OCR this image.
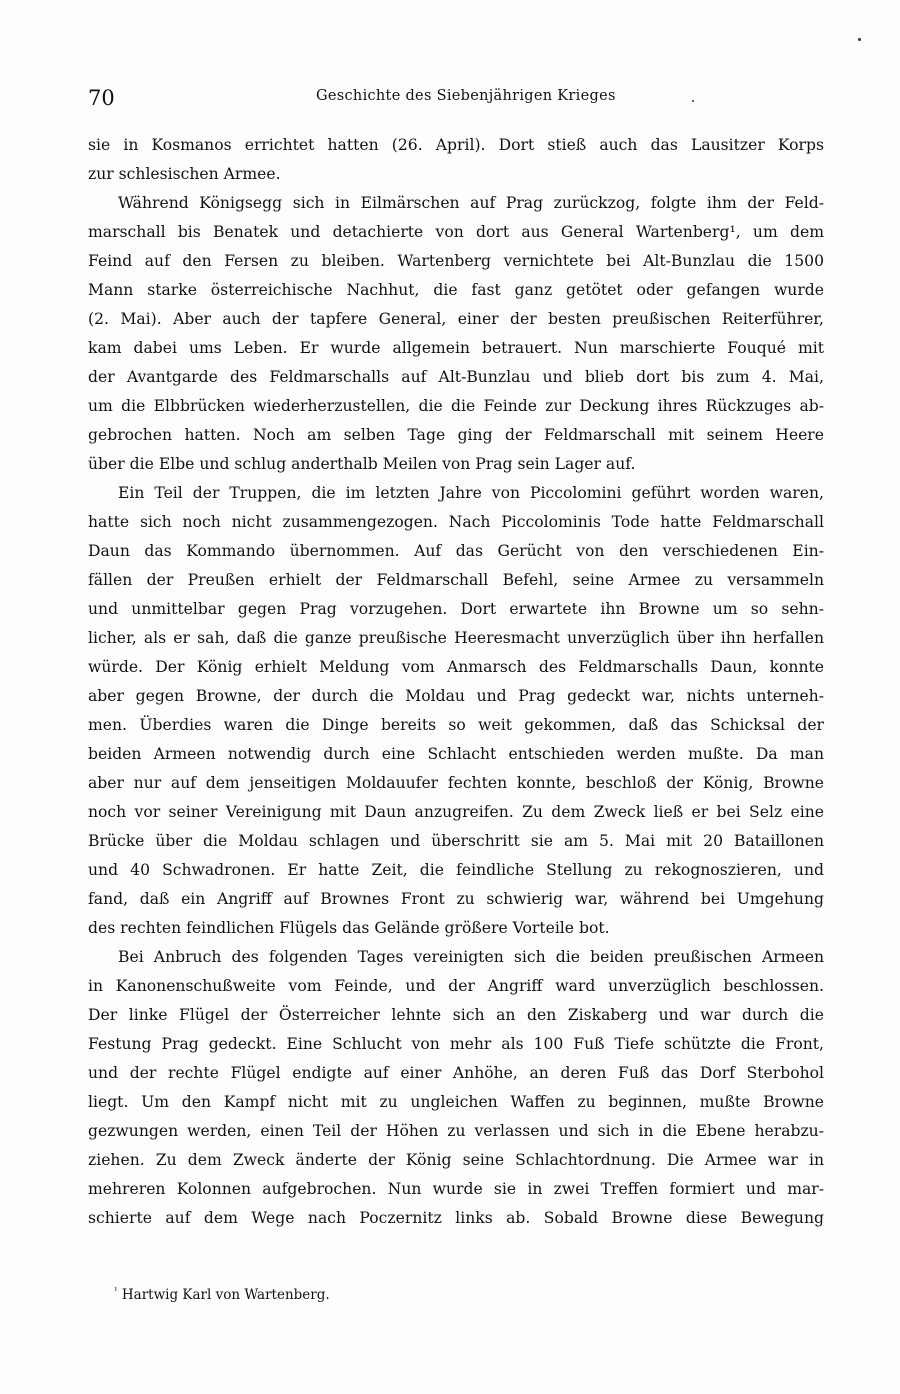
70	Geschichte des Siebenjährigen Krieges
sie in Kosmanos errichtet hatten (26. April). Dort stieß auch das Lausitzer Korps
zur schlesischen Armee.
Während Königsegg sich in Eilmärschen auf Prag zurückzog, folgte ihm der Feld-
marschall bis Benatek und detachierte von dort aus General Wartenberg¹, um dem
Feind auf den Fersen zu bleiben. Wartenberg vernichtete bei Alt-Bunzlau die 1500
Mann starke österreichische Nachhut, die fast ganz getötet oder gefangen wurde
(2. Mai). Aber auch der tapfere General, einer der besten preußischen Reiterführer,
kam dabei ums Leben. Er wurde allgemein betrauert. Nun marschierte Fouqué mit
der Avantgarde des Feldmarschalls auf Alt-Bunzlau und blieb dort bis zum 4. Mai,
um die Elbbrücken wiederherzustellen, die die Feinde zur Deckung ihres Rückzuges ab-
gebrochen hatten. Noch am selben Tage ging der Feldmarschall mit seinem Heere
über die Elbe und schlug anderthalb Meilen von Prag sein Lager auf.
Ein Teil der Truppen, die im letzten Jahre von Piccolomini geführt worden waren,
hatte sich noch nicht zusammengezogen. Nach Piccolominis Tode hatte Feldmarschall
Daun das Kommando übernommen. Auf das Gerücht von den verschiedenen Ein-
fällen der Preußen erhielt der Feldmarschall Befehl, seine Armee zu versammeln
und unmittelbar gegen Prag vorzugehen. Dort erwartete ihn Browne um so sehn-
licher, als er sah, daß die ganze preußische Heeresmacht unverzüglich über ihn herfallen
würde. Der König erhielt Meldung vom Anmarsch des Feldmarschalls Daun, konnte
aber gegen Browne, der durch die Moldau und Prag gedeckt war, nichts unterneh-
men. Überdies waren die Dinge bereits so weit gekommen, daß das Schicksal der
beiden Armeen notwendig durch eine Schlacht entschieden werden mußte. Da man
aber nur auf dem jenseitigen Moldauufer fechten konnte, beschloß der König, Browne
noch vor seiner Vereinigung mit Daun anzugreifen. Zu dem Zweck ließ er bei Selz eine
Brücke über die Moldau schlagen und überschritt sie am 5. Mai mit 20 Bataillonen
und 40 Schwadronen. Er hatte Zeit, die feindliche Stellung zu rekognoszieren, und
fand, daß ein Angriff auf Brownes Front zu schwierig war, während bei Umgehung
des rechten feindlichen Flügels das Gelände größere Vorteile bot.
Bei Anbruch des folgenden Tages vereinigten sich die beiden preußischen Armeen
in Kanonenschußweite vom Feinde, und der Angriff ward unverzüglich beschlossen.
Der linke Flügel der Österreicher lehnte sich an den Ziskaberg und war durch die
Festung Prag gedeckt. Eine Schlucht von mehr als 100 Fuß Tiefe schützte die Front,
und der rechte Flügel endigte auf einer Anhöhe, an deren Fuß das Dorf Sterbohol
liegt. Um den Kampf nicht mit zu ungleichen Waffen zu beginnen, mußte Browne
gezwungen werden, einen Teil der Höhen zu verlassen und sich in die Ebene herabzu-
ziehen. Zu dem Zweck änderte der König seine Schlachtordnung. Die Armee war in
mehreren Kolonnen aufgebrochen. Nun wurde sie in zwei Treffen formiert und mar-
schierte auf dem Wege nach Poczernitz links ab. Sobald Browne diese Bewegung
$^{^1}$ Hartwig Karl von Wartenberg.
